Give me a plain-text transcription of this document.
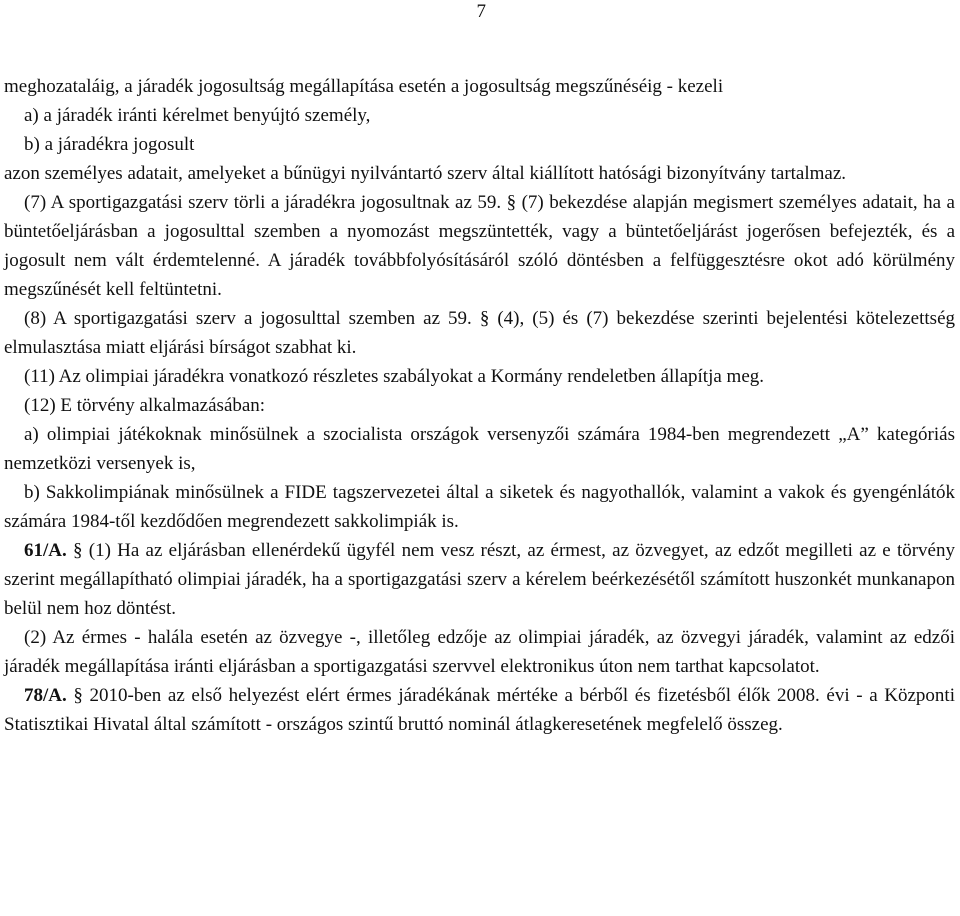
7

meghozataláig, a járadék jogosultság megállapítása esetén a jogosultság megszűnéséig - kezeli

a) a járadék iránti kérelmet benyújtó személy,

b) a járadékra jogosult

azon személyes adatait, amelyeket a bűnügyi nyilvántartó szerv által kiállított hatósági bizonyítvány tartalmaz.

(7) A sportigazgatási szerv törli a járadékra jogosultnak az 59. § (7) bekezdése alapján megismert személyes adatait, ha a büntetőeljárásban a jogosulttal szemben a nyomozást megszüntették, vagy a büntetőeljárást jogerősen befejezték, és a jogosult nem vált érdemtelenné. A járadék továbbfolyósításáról szóló döntésben a felfüggesztésre okot adó körülmény megszűnését kell feltüntetni.

(8) A sportigazgatási szerv a jogosulttal szemben az 59. § (4), (5) és (7) bekezdése szerinti bejelentési kötelezettség elmulasztása miatt eljárási bírságot szabhat ki.

(11) Az olimpiai járadékra vonatkozó részletes szabályokat a Kormány rendeletben állapítja meg.

(12) E törvény alkalmazásában:

a) olimpiai játékoknak minősülnek a szocialista országok versenyzői számára 1984-ben megrendezett „A” kategóriás nemzetközi versenyek is,

b) Sakkolimpiának minősülnek a FIDE tagszervezetei által a siketek és nagyothallók, valamint a vakok és gyengénlátók számára 1984-től kezdődően megrendezett sakkolimpiák is.

61/A. § (1) Ha az eljárásban ellenérdekű ügyfél nem vesz részt, az érmest, az özvegyet, az edzőt megilleti az e törvény szerint megállapítható olimpiai járadék, ha a sportigazgatási szerv a kérelem beérkezésétől számított huszonkét munkanapon belül nem hoz döntést.

(2) Az érmes - halála esetén az özvegye -, illetőleg edzője az olimpiai járadék, az özvegyi járadék, valamint az edzői járadék megállapítása iránti eljárásban a sportigazgatási szervvel elektronikus úton nem tarthat kapcsolatot.

78/A. § 2010-ben az első helyezést elért érmes járadékának mértéke a bérből és fizetésből élők 2008. évi - a Központi Statisztikai Hivatal által számított - országos szintű bruttó nominál átlagkeresetének megfelelő összeg.
